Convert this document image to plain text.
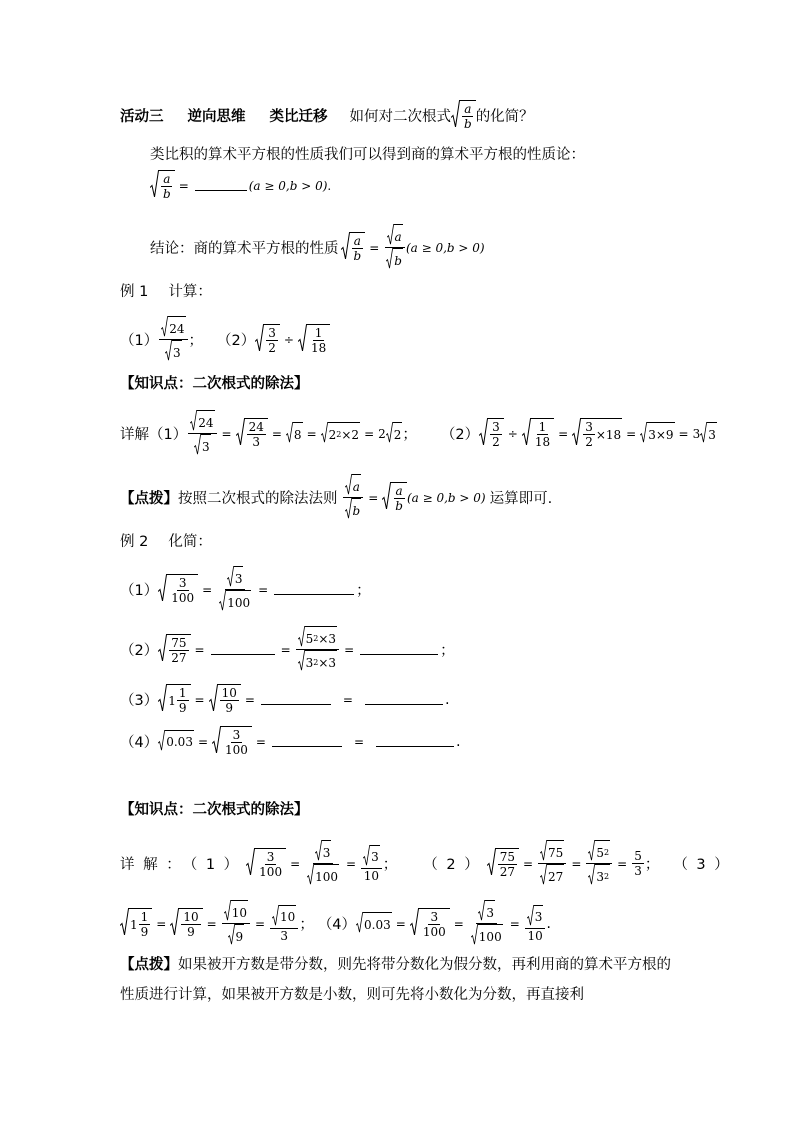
活动三 逆向思维 类比迁移 如何对二次根式 $\frac{a}{b}$ 的化简？
类比积的算术平方根的性质我们可以得到商的算术平方根的性质论：
$\frac{a}{b}$ =	(a ≥ 0,b > 0) .
结论：商的算术平方根的性质 $\frac{a}{b} = \frac{a}{b} (a \ge 0,b > 0)$
例 1 计算：
$(1) \frac{24}{3}$ ； $(2) \frac{3}{2} \div \frac{1}{18}$
【知识点：二次根式的除法】
详解 $(1) \frac{24}{3} = \frac{24}{3} = 8 = 2$ 2 ×2 = 2 2 ； $(2) \frac{3}{2} \div \frac{1}{18} = \frac{3}{2} \times 18 = 3\times 9 = 3$ 3
【点拨】 按照二次根式的除法法则 $\frac{a}{b} = \frac{a}{b} (a \ge 0,b > 0)$ 运算即可.
例 2 化简：
$(1) \frac{3}{100} = \frac{3}{100}$ =	；
$(2) \frac{75}{27}$ =	= $\frac{5 2 \times 3}{3 2 \times 3}$ =	；
（3） $1 \frac{1}{9} = \frac{10}{9}$ =	=	.
（4） $0.03 = \frac{3}{100}$ =	=	.
【知识点：二次根式的除法】
详 解 ： （ 1 ） $\frac{3}{100} = \frac{3}{100} = \frac{3}{10}$ ； （ 2 ） $\frac{75}{27} = \frac{75}{27} = \frac{5 2}{3 2} = \frac{5}{3}$ ； （ 3 ）
$1 \frac{1}{9} = \frac{10}{9} = \frac{10}{9} = \frac{10}{3}$ ； （4） $0.03 = \frac{3}{100} = \frac{3}{100} = \frac{3}{10}$ .
【点拨】如果被开方数是带分数，则先将带分数化为假分数，再利用商的算术平方根的性质进行计算，如果被开方数是小数，则可先将小数化为分数，再直接利
